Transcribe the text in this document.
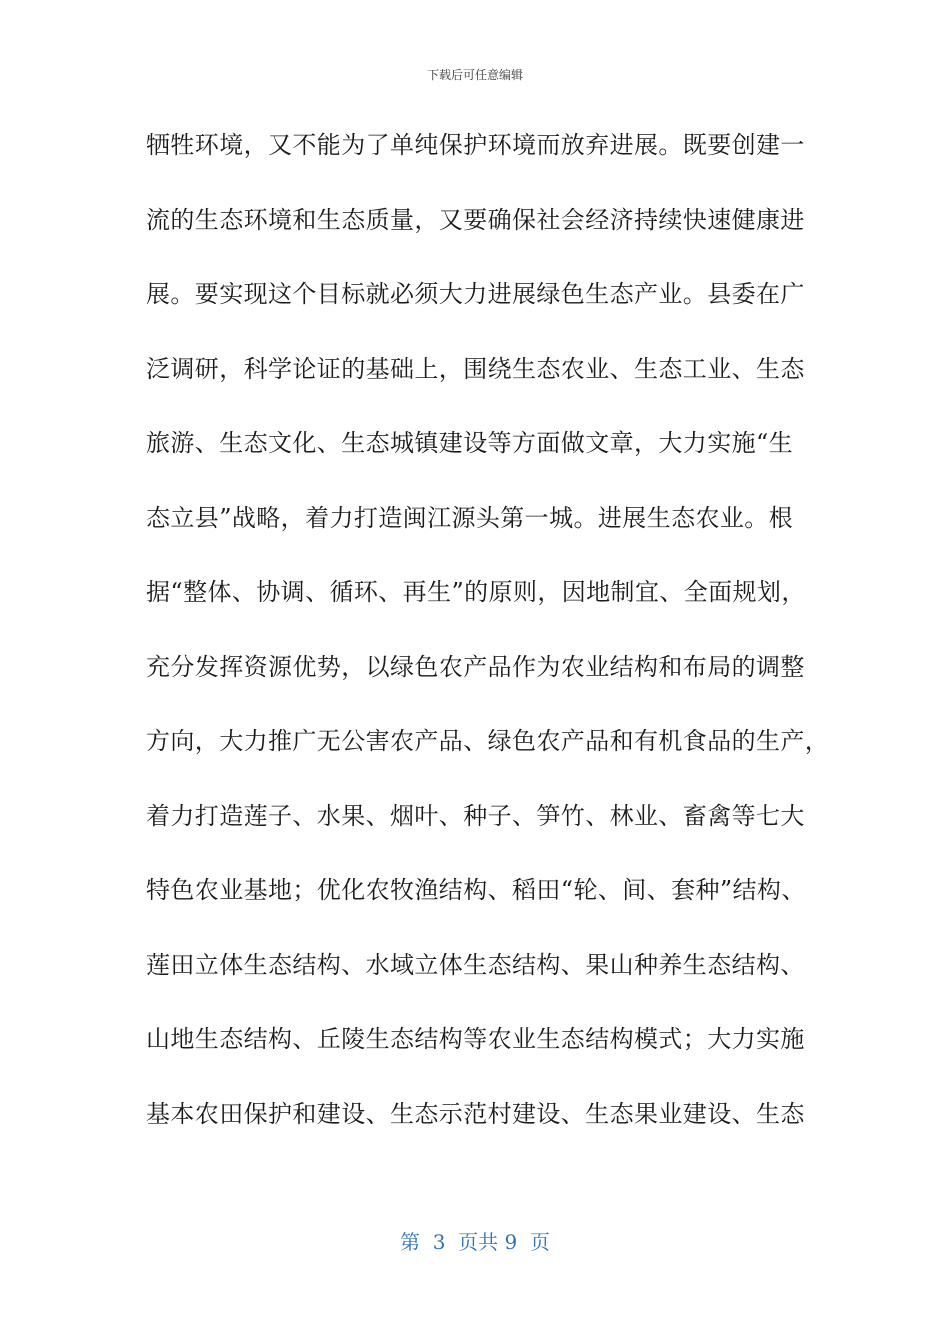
下载后可任意编辑
牺牲环境，又不能为了单纯保护环境而放弃进展。既要创建一
流的生态环境和生态质量，又要确保社会经济持续快速健康进
展。要实现这个目标就必须大力进展绿色生态产业。县委在广
泛调研，科学论证的基础上，围绕生态农业、生态工业、生态
旅游、生态文化、生态城镇建设等方面做文章，大力实施“生
态立县”战略，着力打造闽江源头第一城。进展生态农业。根
据“整体、协调、循环、再生”的原则，因地制宜、全面规划，
充分发挥资源优势，以绿色农产品作为农业结构和布局的调整
方向，大力推广无公害农产品、绿色农产品和有机食品的生产，
着力打造莲子、水果、烟叶、种子、笋竹、林业、畜禽等七大
特色农业基地；优化农牧渔结构、稻田“轮、间、套种”结构、
莲田立体生态结构、水域立体生态结构、果山种养生态结构、
山地生态结构、丘陵生态结构等农业生态结构模式；大力实施
基本农田保护和建设、生态示范村建设、生态果业建设、生态
第  3  页共 9  页
